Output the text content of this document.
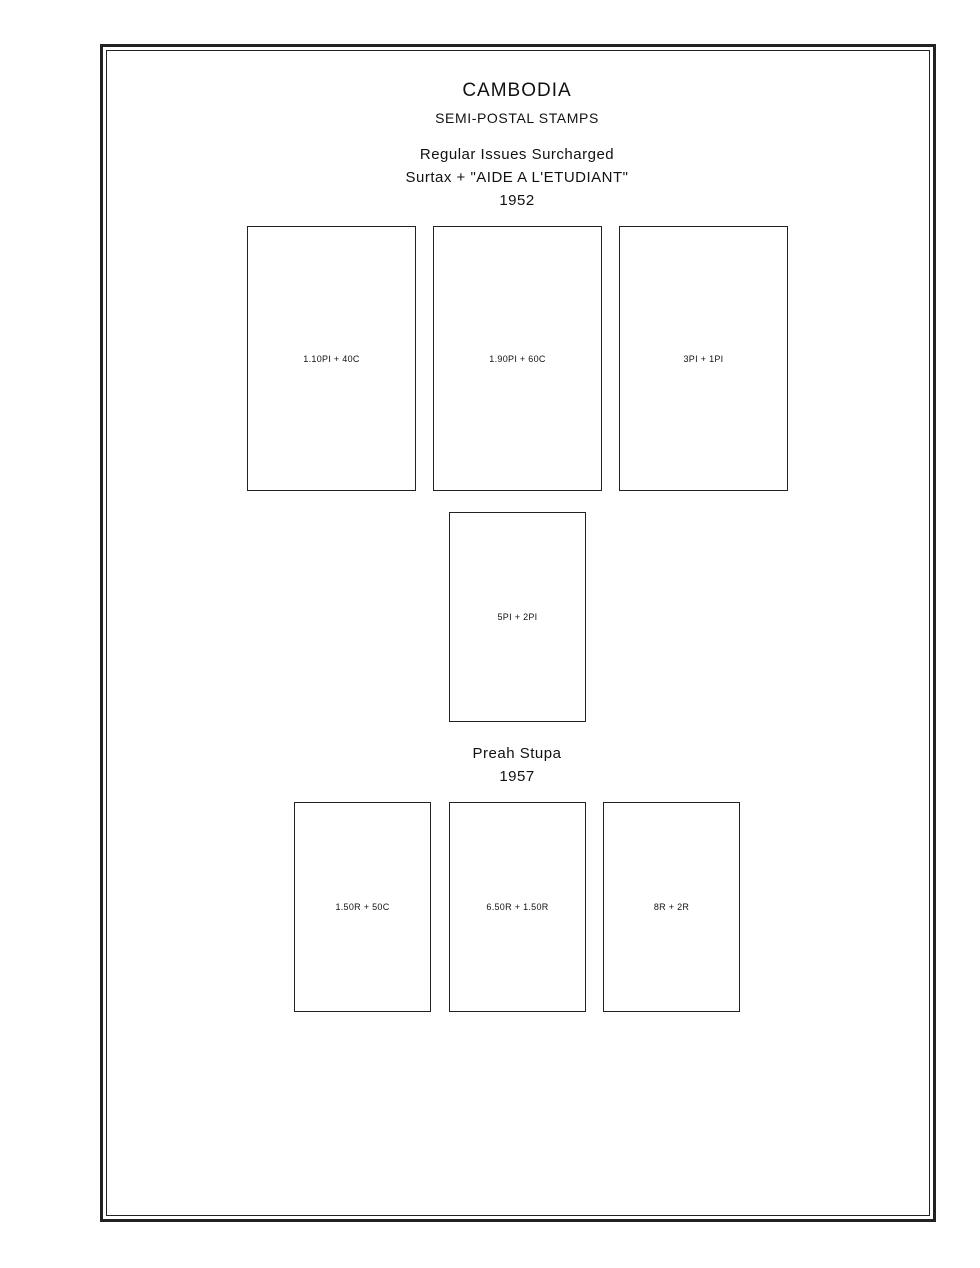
CAMBODIA
SEMI-POSTAL STAMPS
Regular Issues Surcharged
Surtax + "AIDE A L'ETUDIANT"
1952
1.10PI + 40C	1.90PI + 60C	3PI + 1PI
5PI + 2PI
Preah Stupa
1957
1.50R + 50C	6.50R + 1.50R	8R + 2R
